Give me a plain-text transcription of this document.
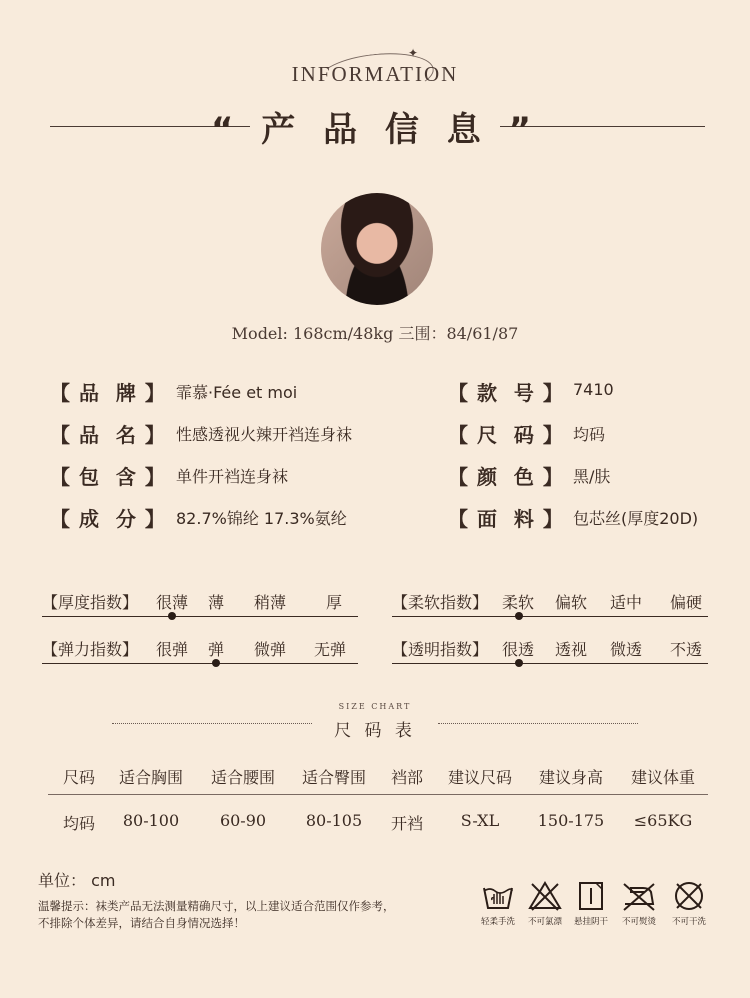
✦
INFORMATION
“ 产 品 信 息 ”
Model: 168cm/48kg 三围：84/61/87
【 品  牌 】 霏慕·Fée et moi
【 品  名 】 性感透视火辣开裆连身袜
【 包  含 】 单件开裆连身袜
【 成  分 】 82.7%锦纶 17.3%氨纶
【 款  号 】 7410
【 尺  码 】 均码
【 颜  色 】 黑/肤
【 面  料 】 包芯丝(厚度20D)
【厚度指数】 很薄 薄 稍薄 厚	【柔软指数】 柔软 偏软 适中 偏硬
【弹力指数】 很弹 弹 微弹 无弹	【透明指数】 很透 透视 微透 不透
SIZE CHART
尺 码 表
尺码	适合胸围	适合腰围	适合臀围	裆部	建议尺码	建议身高	建议体重
均码	80-100	60-90	80-105	开裆	S-XL	150-175	≤65KG
单位： cm
温馨提示：袜类产品无法测量精确尺寸，以上建议适合范围仅作参考，
不排除个体差异，请结合自身情况选择！	轻柔手洗	不可氯漂	悬挂阴干	不可熨烫	不可干洗
